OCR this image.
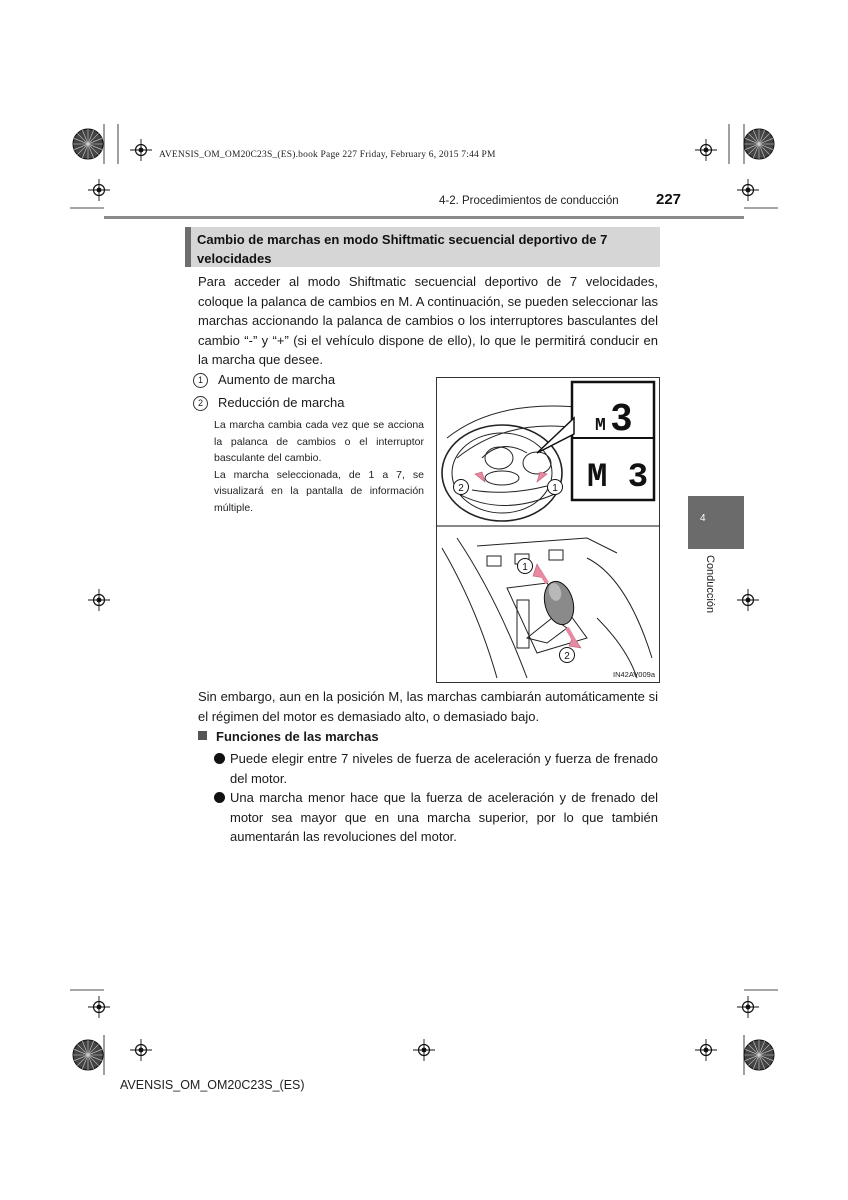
AVENSIS_OM_OM20C23S_(ES).book Page 227 Friday, February 6, 2015 7:44 PM
4-2. Procedimientos de conducción 227
Cambio de marchas en modo Shiftmatic secuencial deportivo de 7 velocidades
Para acceder al modo Shiftmatic secuencial deportivo de 7 velocidades, coloque la palanca de cambios en M. A continuación, se pueden seleccionar las marchas accionando la palanca de cambios o los interruptores basculantes del cambio “-” y “+” (si el vehículo dispone de ello), lo que le permitirá conducir en la marcha que desee.
1 Aumento de marcha
2 Reducción de marcha
La marcha cambia cada vez que se acciona la palanca de cambios o el interruptor basculante del cambio.
La marcha seleccionada, de 1 a 7, se visualizará en la pantalla de información múltiple.
M 3
M 3
2	1
1
2
IN42AV009a
4
Conducción
Sin embargo, aun en la posición M, las marchas cambiarán automáticamente si el régimen del motor es demasiado alto, o demasiado bajo.
Funciones de las marchas
Puede elegir entre 7 niveles de fuerza de aceleración y fuerza de frenado del motor.
Una marcha menor hace que la fuerza de aceleración y de frenado del motor sea mayor que en una marcha superior, por lo que también aumentarán las revoluciones del motor.
AVENSIS_OM_OM20C23S_(ES)
